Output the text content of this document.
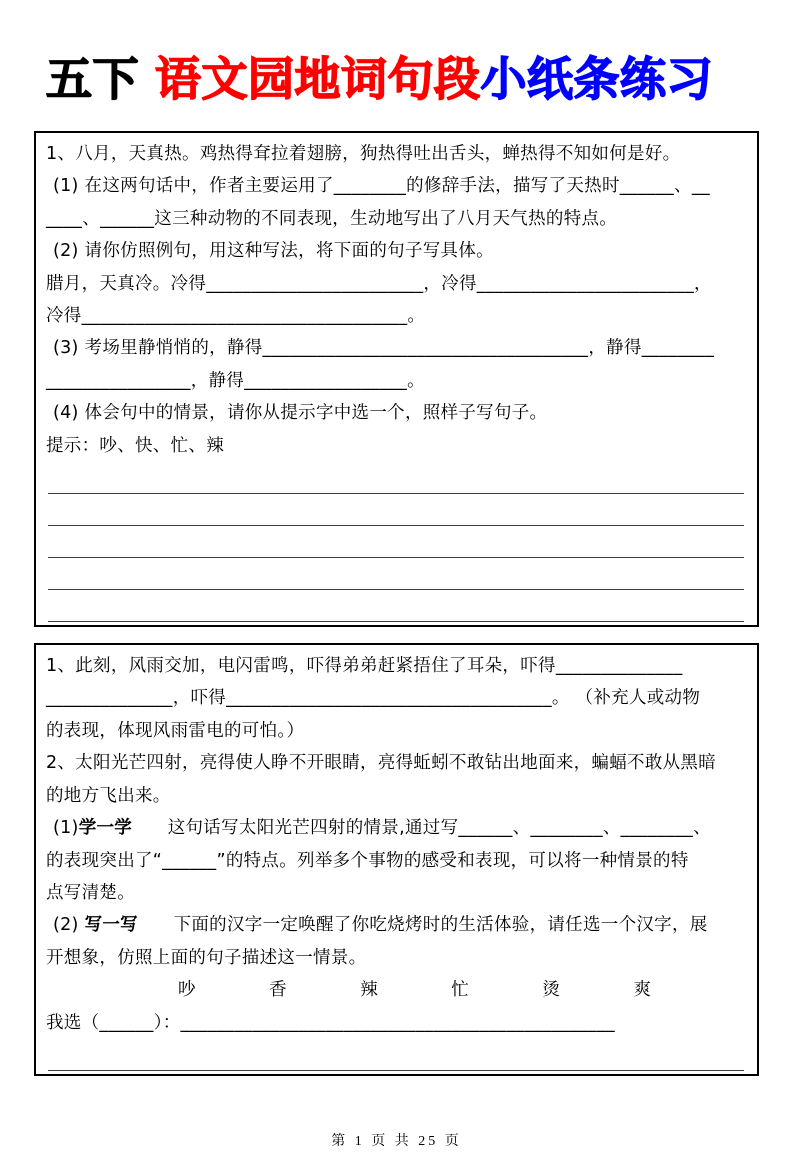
五下 语文园地词句段小纸条练习
1、八月，天真热。鸡热得耷拉着翅膀，狗热得吐出舌头，蝉热得不知如何是好。
(1) 在这两句话中，作者主要运用了________的修辞手法，描写了天热时______、__
____、______这三种动物的不同表现，生动地写出了八月天气热的特点。
(2) 请你仿照例句，用这种写法，将下面的句子写具体。
腊月，天真冷。冷得________________________，冷得________________________，
冷得____________________________________。
(3) 考场里静悄悄的，静得____________________________________，静得________
________________，静得__________________。
(4) 体会句中的情景，请你从提示字中选一个，照样子写句子。
提示：吵、快、忙、辣
1、此刻，风雨交加，电闪雷鸣，吓得弟弟赶紧捂住了耳朵，吓得______________
______________，吓得____________________________________。 （补充人或动物
的表现，体现风雨雷电的可怕。）
2、太阳光芒四射，亮得使人睁不开眼睛，亮得蚯蚓不敢钻出地面来，蝙蝠不敢从黑暗
的地方飞出来。
(1)学一学　　这句话写太阳光芒四射的情景,通过写______、________、________、
的表现突出了“______”的特点。列举多个事物的感受和表现，可以将一种情景的特
点写清楚。
(2) 写一写　　下面的汉字一定唤醒了你吃烧烤时的生活体验，请任选一个汉字，展
开想象，仿照上面的句子描述这一情景。
吵	香	辣	忙	烫	爽
我选（______）：________________________________________________
第 1 页 共 25 页
